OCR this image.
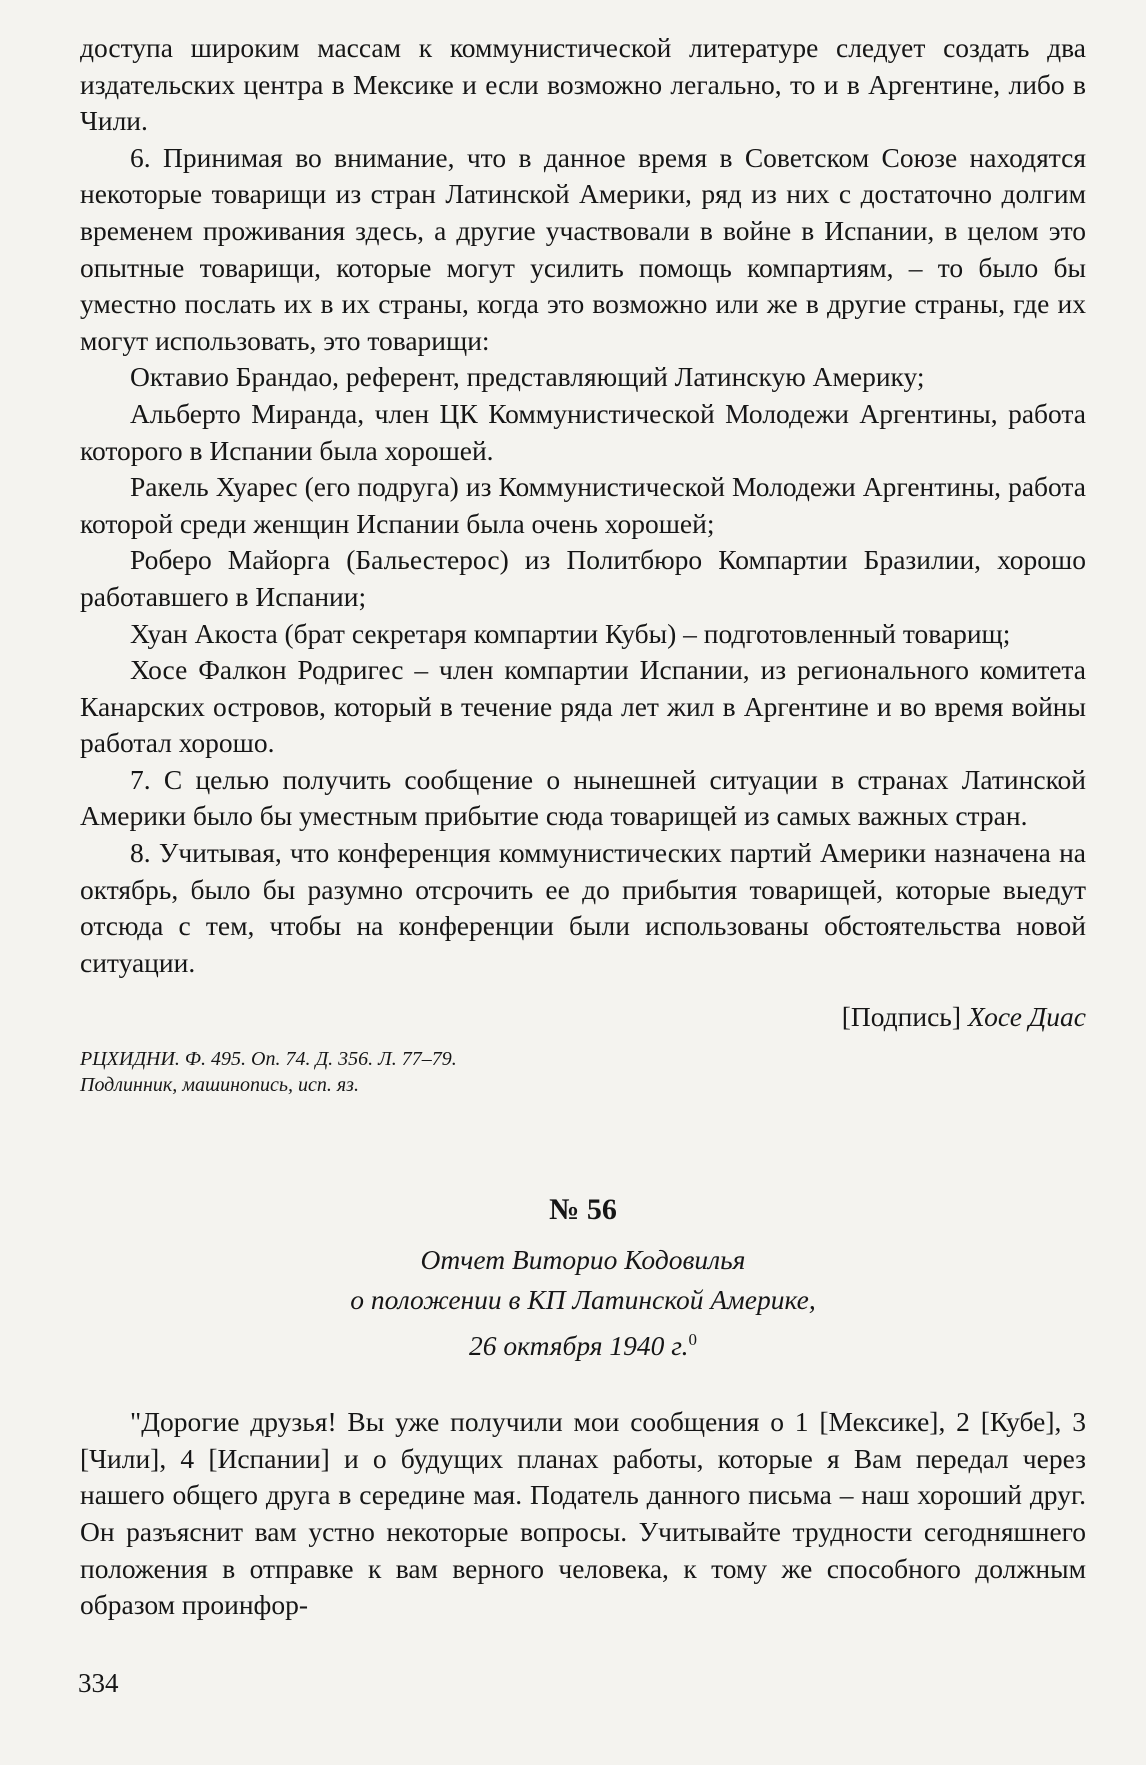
доступа широким массам к коммунистической литературе следует создать два издательских центра в Мексике и если возможно легально, то и в Аргентине, либо в Чили.

6. Принимая во внимание, что в данное время в Советском Союзе находятся некоторые товарищи из стран Латинской Америки, ряд из них с достаточно долгим временем проживания здесь, а другие участвовали в войне в Испании, в целом это опытные товарищи, которые могут усилить помощь компартиям, – то было бы уместно послать их в их страны, когда это возможно или же в другие страны, где их могут использовать, это товарищи:

Октавио Брандао, референт, представляющий Латинскую Америку;

Альберто Миранда, член ЦК Коммунистической Молодежи Аргентины, работа которого в Испании была хорошей.

Ракель Хуарес (его подруга) из Коммунистической Молодежи Аргентины, работа которой среди женщин Испании была очень хорошей;

Роберо Майорга (Бальестерос) из Политбюро Компартии Бразилии, хорошо работавшего в Испании;

Хуан Акоста (брат секретаря компартии Кубы) – подготовленный товарищ;

Хосе Фалкон Родригес – член компартии Испании, из регионального комитета Канарских островов, который в течение ряда лет жил в Аргентине и во время войны работал хорошо.

7. С целью получить сообщение о нынешней ситуации в странах Латинской Америки было бы уместным прибытие сюда товарищей из самых важных стран.

8. Учитывая, что конференция коммунистических партий Америки назначена на октябрь, было бы разумно отсрочить ее до прибытия товарищей, которые выедут отсюда с тем, чтобы на конференции были использованы обстоятельства новой ситуации.

[Подпись] Хосе Диас

РЦХИДНИ. Ф. 495. Оп. 74. Д. 356. Л. 77–79.

Подлинник, машинопись, исп. яз.

№ 56

Отчет Виторио Кодовилья

о положении в КП Латинской Америке,

26 октября 1940 г.$^0$

"Дорогие друзья! Вы уже получили мои сообщения о 1 [Мексике], 2 [Кубе], 3 [Чили], 4 [Испании] и о будущих планах работы, которые я Вам передал через нашего общего друга в середине мая. Податель данного письма – наш хороший друг. Он разъяснит вам устно некоторые вопросы. Учитывайте трудности сегодняшнего положения в отправке к вам верного человека, к тому же способного должным образом проинфор-

334
